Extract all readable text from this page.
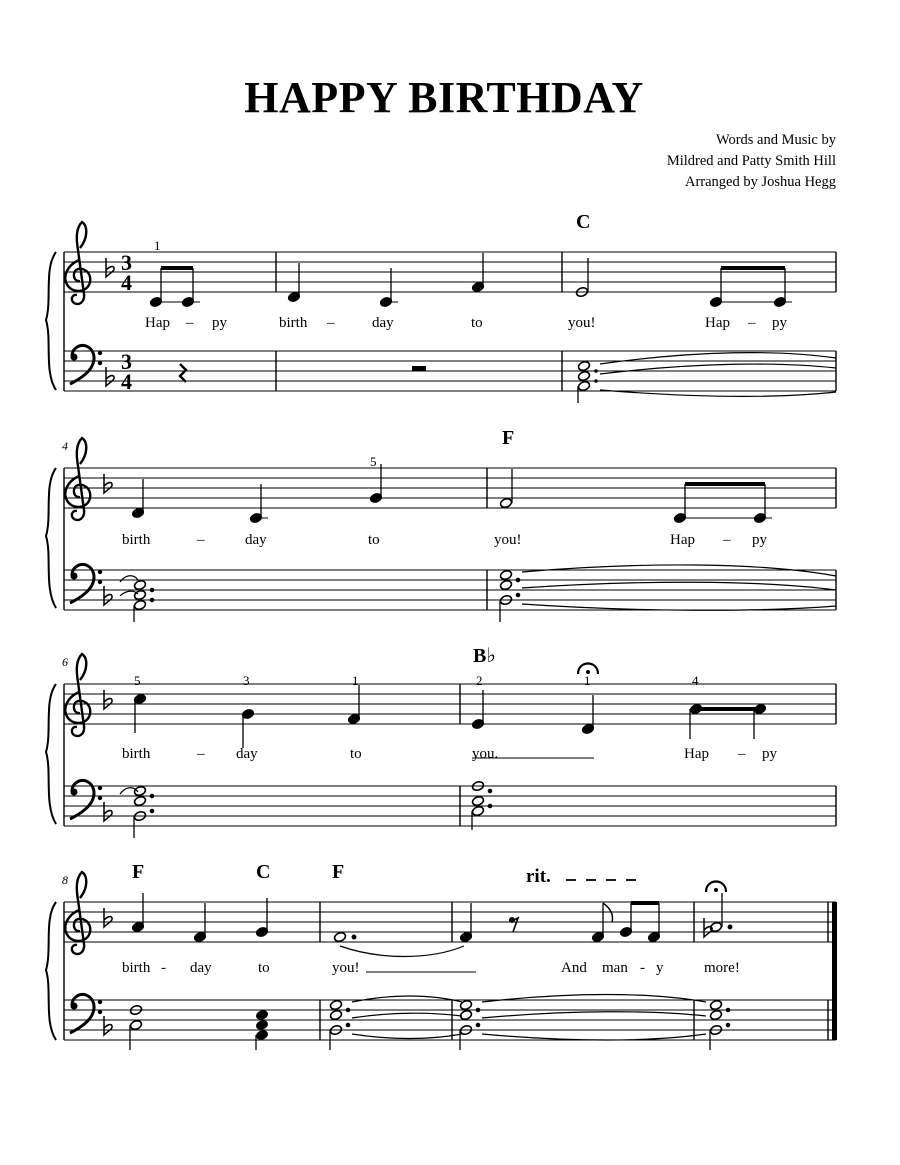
HAPPY BIRTHDAY
Words and Music by
Mildred and Patty Smith Hill
Arranged by Joshua Hegg
3
4
3
4
C
1
Hap – py	birth –	day	to	you!	Hap – py
4	F
5
birth	–	day	to	you!	Hap – py
6	B♭
5	3	1	2	1	4
birth	– day	to	you.	Hap – py
8	F	C	F	rit.
birth - day	to	you!	And man - y	more!
